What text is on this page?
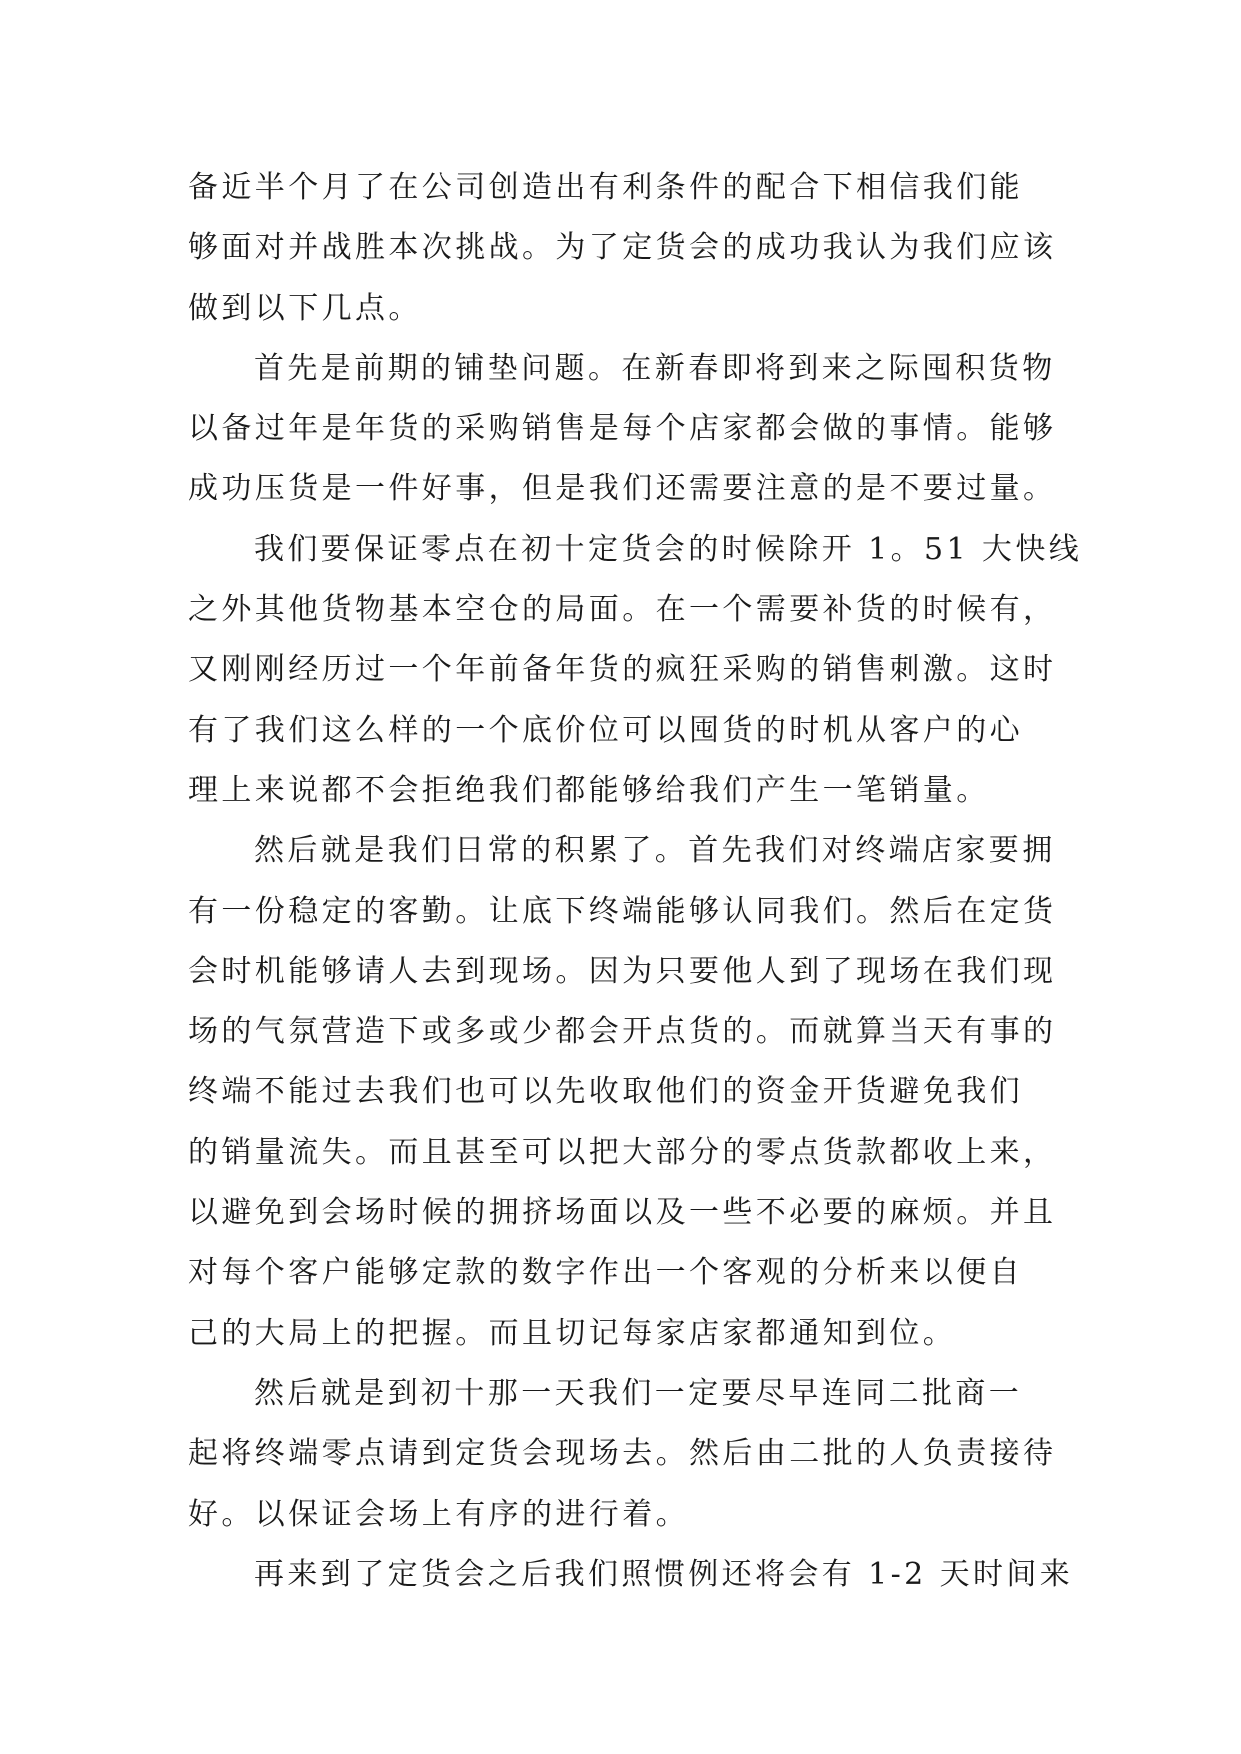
备近半个月了在公司创造出有利条件的配合下相信我们能
够面对并战胜本次挑战。为了定货会的成功我认为我们应该
做到以下几点。

首先是前期的铺垫问题。在新春即将到来之际囤积货物
以备过年是年货的采购销售是每个店家都会做的事情。能够
成功压货是一件好事，但是我们还需要注意的是不要过量。

我们要保证零点在初十定货会的时候除开 1。51 大快线
之外其他货物基本空仓的局面。在一个需要补货的时候有，
又刚刚经历过一个年前备年货的疯狂采购的销售刺激。这时
有了我们这么样的一个底价位可以囤货的时机从客户的心
理上来说都不会拒绝我们都能够给我们产生一笔销量。

然后就是我们日常的积累了。首先我们对终端店家要拥
有一份稳定的客勤。让底下终端能够认同我们。然后在定货
会时机能够请人去到现场。因为只要他人到了现场在我们现
场的气氛营造下或多或少都会开点货的。而就算当天有事的
终端不能过去我们也可以先收取他们的资金开货避免我们
的销量流失。而且甚至可以把大部分的零点货款都收上来，
以避免到会场时候的拥挤场面以及一些不必要的麻烦。并且
对每个客户能够定款的数字作出一个客观的分析来以便自
己的大局上的把握。而且切记每家店家都通知到位。

然后就是到初十那一天我们一定要尽早连同二批商一
起将终端零点请到定货会现场去。然后由二批的人负责接待
好。以保证会场上有序的进行着。

再来到了定货会之后我们照惯例还将会有 1-2 天时间来
